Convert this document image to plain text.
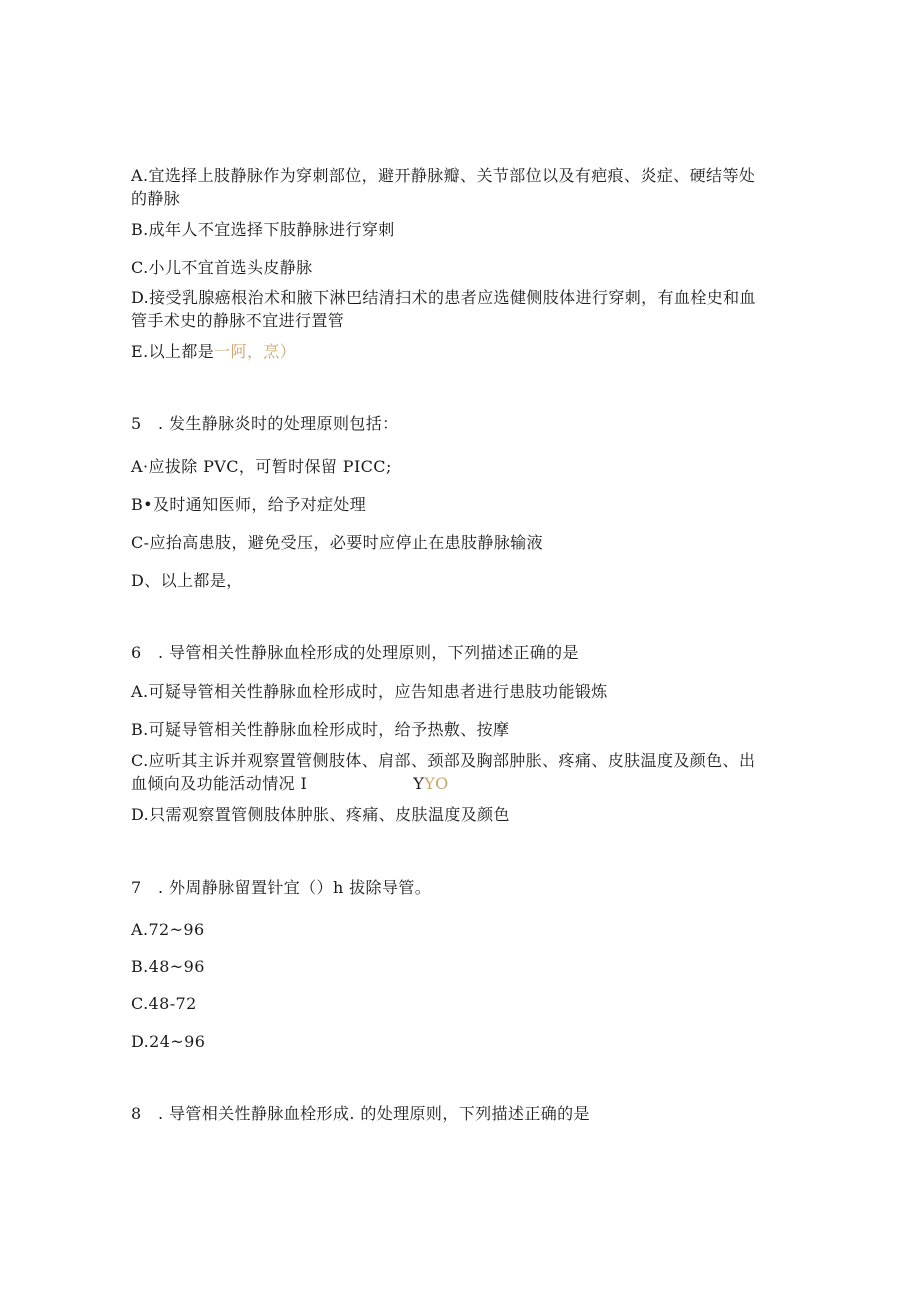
A.宜选择上肢静脉作为穿刺部位，避开静脉瓣、关节部位以及有疤痕、炎症、硬结等处
的静脉
B.成年人不宜选择下肢静脉进行穿刺
C.小儿不宜首选头皮静脉
D.接受乳腺癌根治术和腋下淋巴结清扫术的患者应选健侧肢体进行穿刺，有血栓史和血
管手术史的静脉不宜进行置管
E.以上都是一阿，烹）
5　. 发生静脉炎时的处理原则包括：
A·应拔除 PVC，可暂时保留 PICC;
B•及时通知医师，给予对症处理
C-应抬高患肢，避免受压，必要时应停止在患肢静脉输液
D、以上都是，
6　. 导管相关性静脉血栓形成的处理原则，下列描述正确的是
A.可疑导管相关性静脉血栓形成时，应告知患者进行患肢功能锻炼
B.可疑导管相关性静脉血栓形成时，给予热敷、按摩
C.应听其主诉并观察置管侧肢体、肩部、颈部及胸部肿胀、疼痛、皮肤温度及颜色、出
血倾向及功能活动情况 I	YYO
D.只需观察置管侧肢体肿胀、疼痛、皮肤温度及颜色
7　. 外周静脉留置针宜（）h 拔除导管。
A.72~96
B.48~96
C.48-72
D.24~96
8　. 导管相关性静脉血栓形成. 的处理原则，下列描述正确的是
